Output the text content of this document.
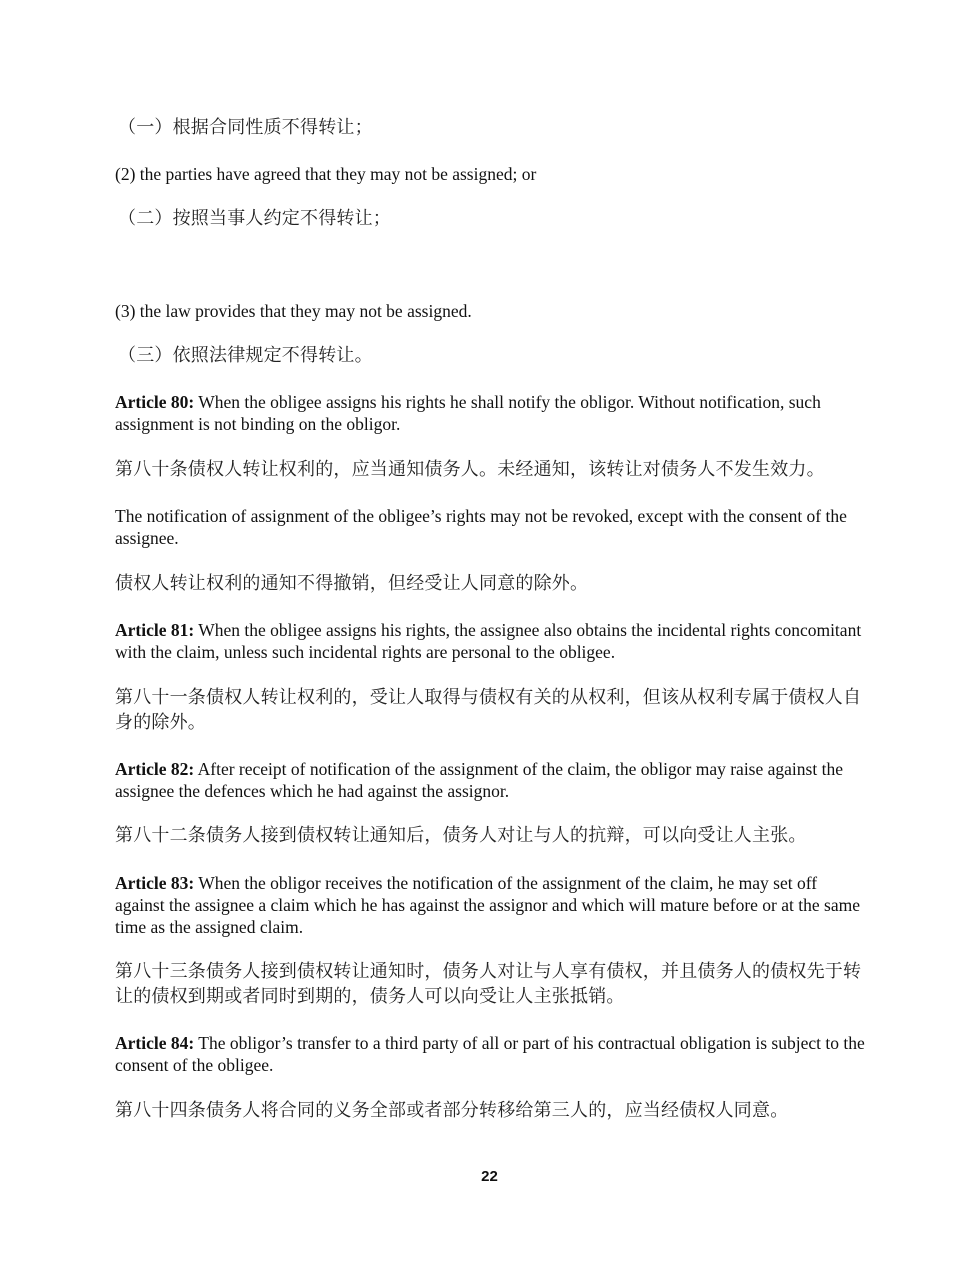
（一）根据合同性质不得转让；
(2) the parties have agreed that they may not be assigned; or
（二）按照当事人约定不得转让；
(3) the law provides that they may not be assigned.
（三）依照法律规定不得转让。
Article 80: When the obligee assigns his rights he shall notify the obligor. Without notification, such assignment is not binding on the obligor.
第八十条债权人转让权利的，应当通知债务人。未经通知，该转让对债务人不发生效力。
The notification of assignment of the obligee’s rights may not be revoked, except with the consent of the assignee.
债权人转让权利的通知不得撤销，但经受让人同意的除外。
Article 81: When the obligee assigns his rights, the assignee also obtains the incidental rights concomitant with the claim, unless such incidental rights are personal to the obligee.
第八十一条债权人转让权利的，受让人取得与债权有关的从权利，但该从权利专属于债权人自身的除外。
Article 82: After receipt of notification of the assignment of the claim, the obligor may raise against the assignee the defences which he had against the assignor.
第八十二条债务人接到债权转让通知后，债务人对让与人的抗辩，可以向受让人主张。
Article 83: When the obligor receives the notification of the assignment of the claim, he may set off against the assignee a claim which he has against the assignor and which will mature before or at the same time as the assigned claim.
第八十三条债务人接到债权转让通知时，债务人对让与人享有债权，并且债务人的债权先于转让的债权到期或者同时到期的，债务人可以向受让人主张抵销。
Article 84: The obligor’s transfer to a third party of all or part of his contractual obligation is subject to the consent of the obligee.
第八十四条债务人将合同的义务全部或者部分转移给第三人的，应当经债权人同意。
22
